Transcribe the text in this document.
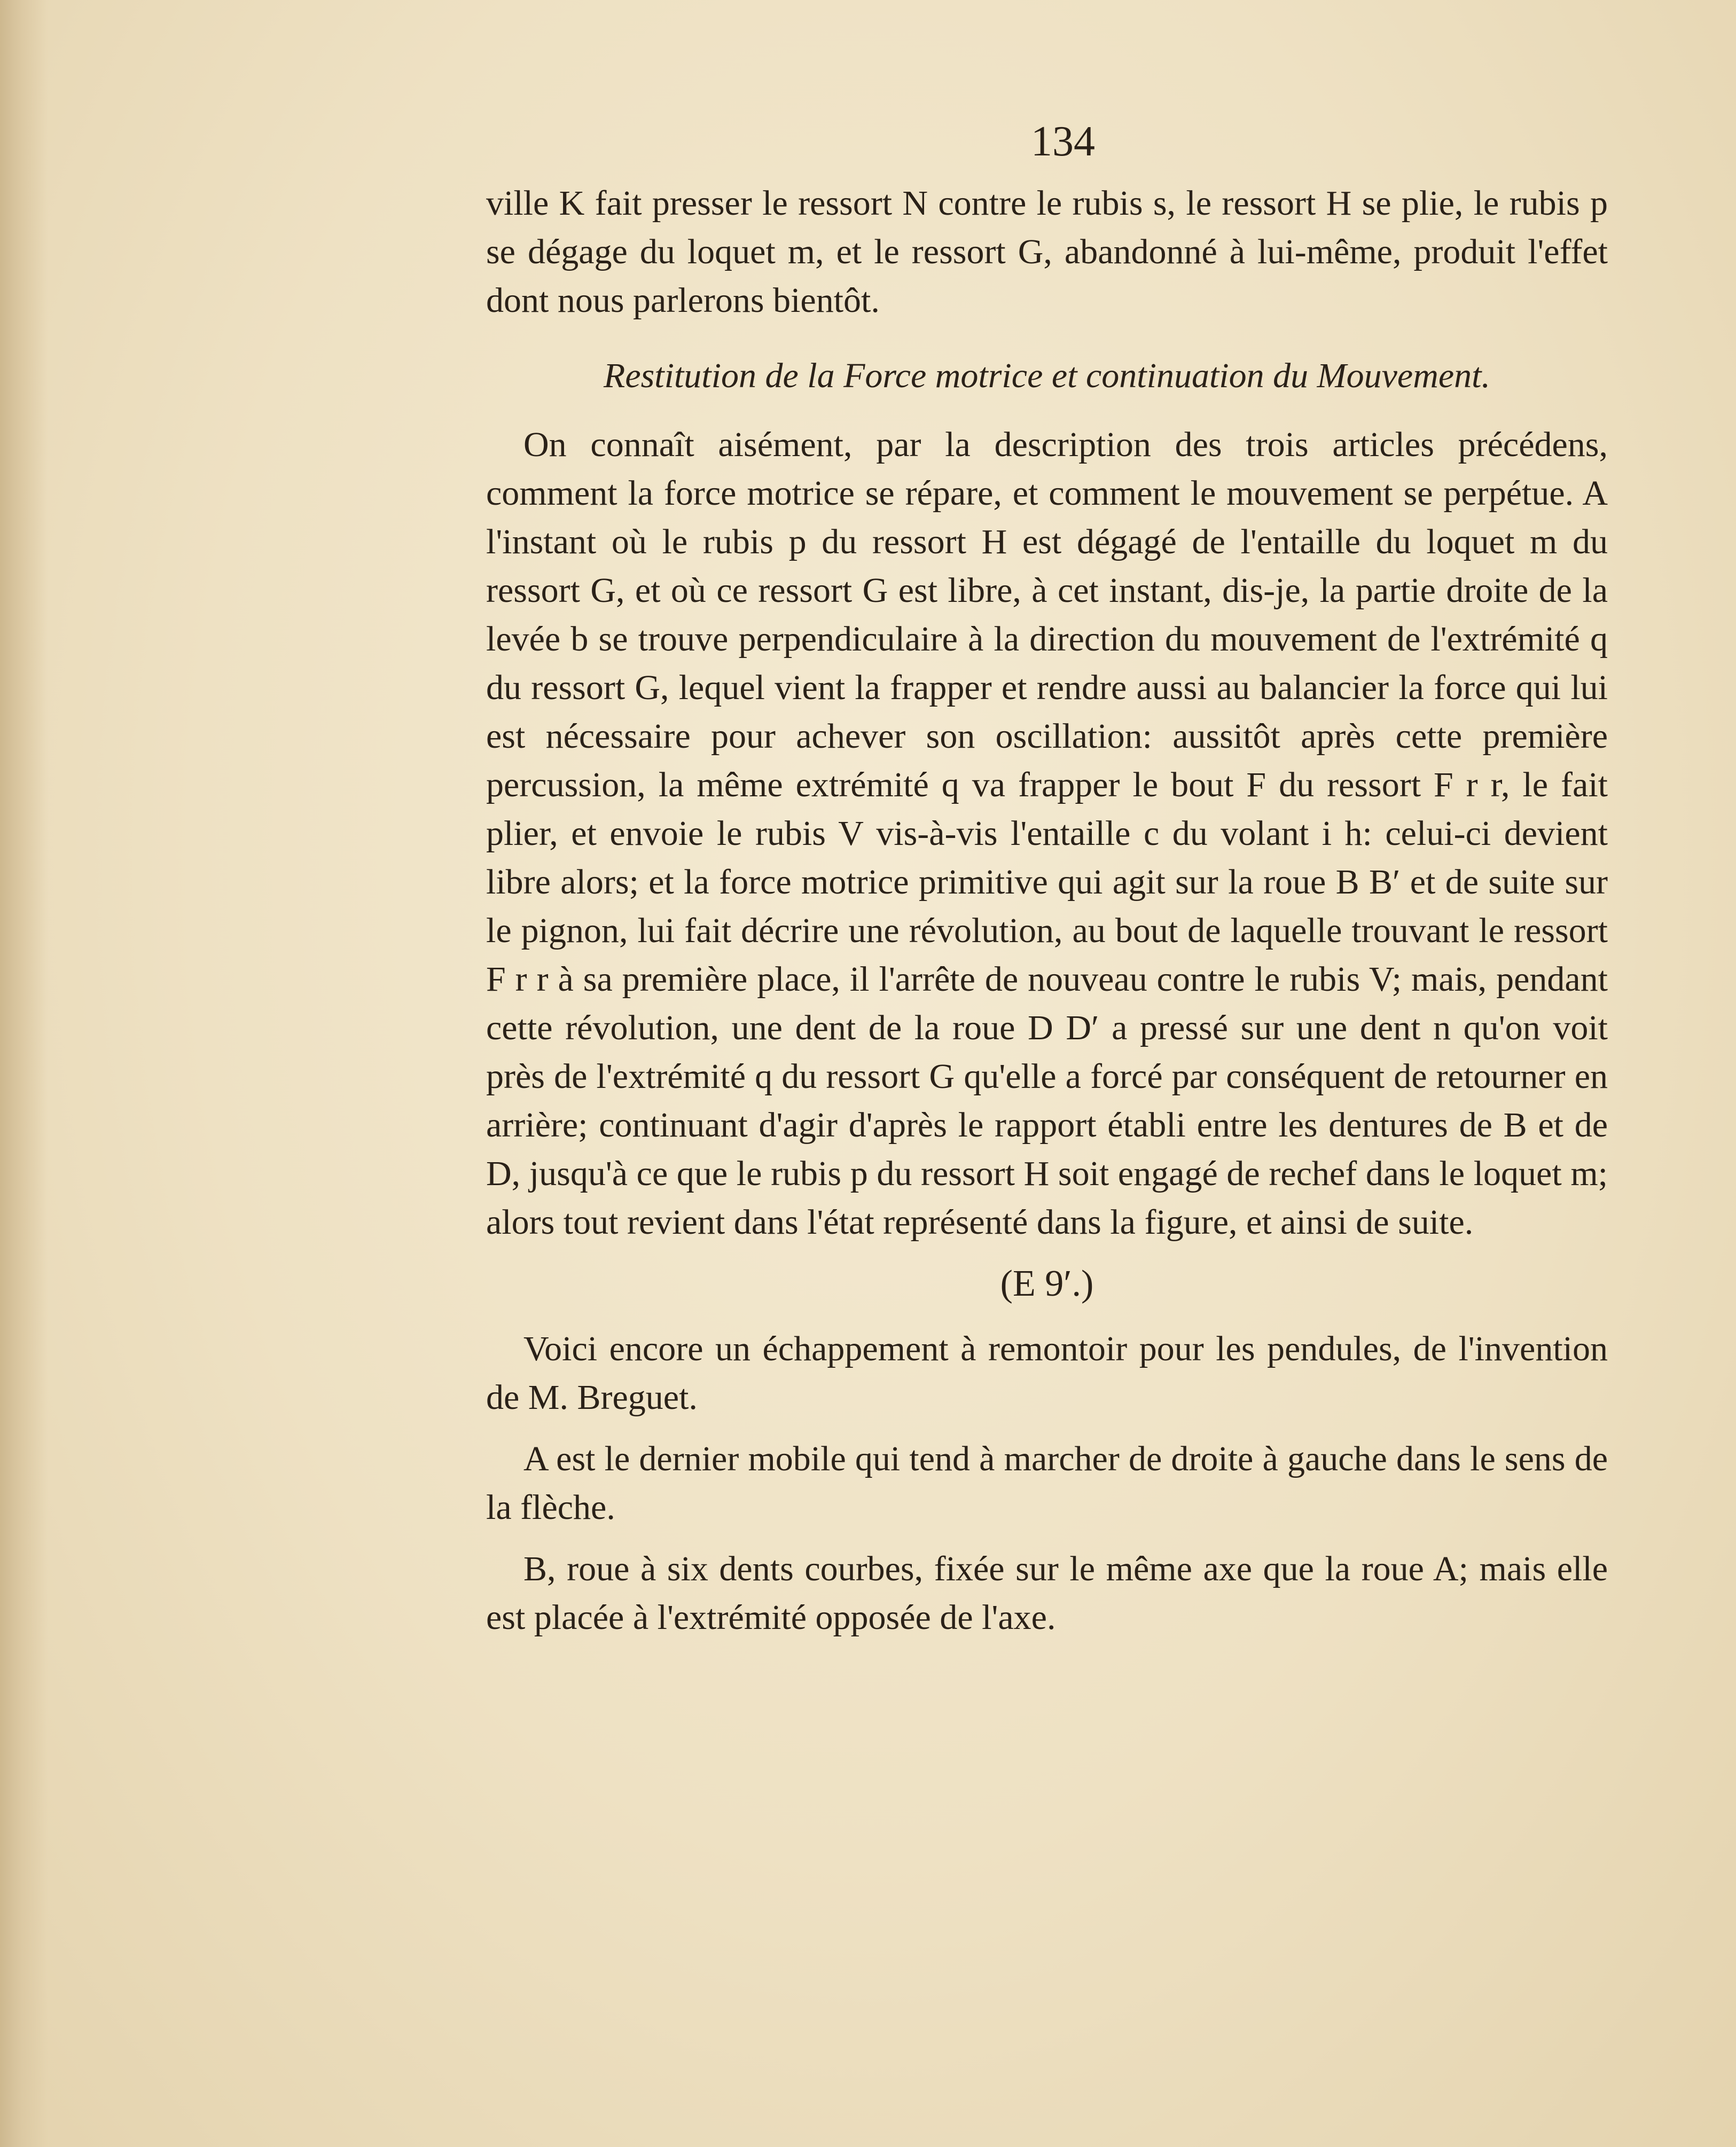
134

ville K fait presser le ressort N contre le rubis s, le ressort H se plie, le rubis p se dégage du loquet m, et le ressort G, abandonné à lui-même, produit l'effet dont nous parlerons bientôt.

Restitution de la Force motrice et continuation du Mouvement.

On connaît aisément, par la description des trois articles précédens, comment la force motrice se répare, et comment le mouvement se perpétue. A l'instant où le rubis p du ressort H est dégagé de l'entaille du loquet m du ressort G, et où ce ressort G est libre, à cet instant, dis-je, la partie droite de la levée b se trouve perpendiculaire à la direction du mouvement de l'extrémité q du ressort G, lequel vient la frapper et rendre aussi au balancier la force qui lui est nécessaire pour achever son oscillation: aussitôt après cette première percussion, la même extrémité q va frapper le bout F du ressort F r r, le fait plier, et envoie le rubis V vis-à-vis l'entaille c du volant i h: celui-ci devient libre alors; et la force motrice primitive qui agit sur la roue B B′ et de suite sur le pignon, lui fait décrire une révolution, au bout de laquelle trouvant le ressort F r r à sa première place, il l'arrête de nouveau contre le rubis V; mais, pendant cette révolution, une dent de la roue D D′ a pressé sur une dent n qu'on voit près de l'extrémité q du ressort G qu'elle a forcé par conséquent de retourner en arrière; continuant d'agir d'après le rapport établi entre les dentures de B et de D, jusqu'à ce que le rubis p du ressort H soit engagé de rechef dans le loquet m; alors tout revient dans l'état représenté dans la figure, et ainsi de suite.

(E 9′.)

Voici encore un échappement à remontoir pour les pendules, de l'invention de M. Breguet.

A est le dernier mobile qui tend à marcher de droite à gauche dans le sens de la flèche.

B, roue à six dents courbes, fixée sur le même axe que la roue A; mais elle est placée à l'extrémité opposée de l'axe.
